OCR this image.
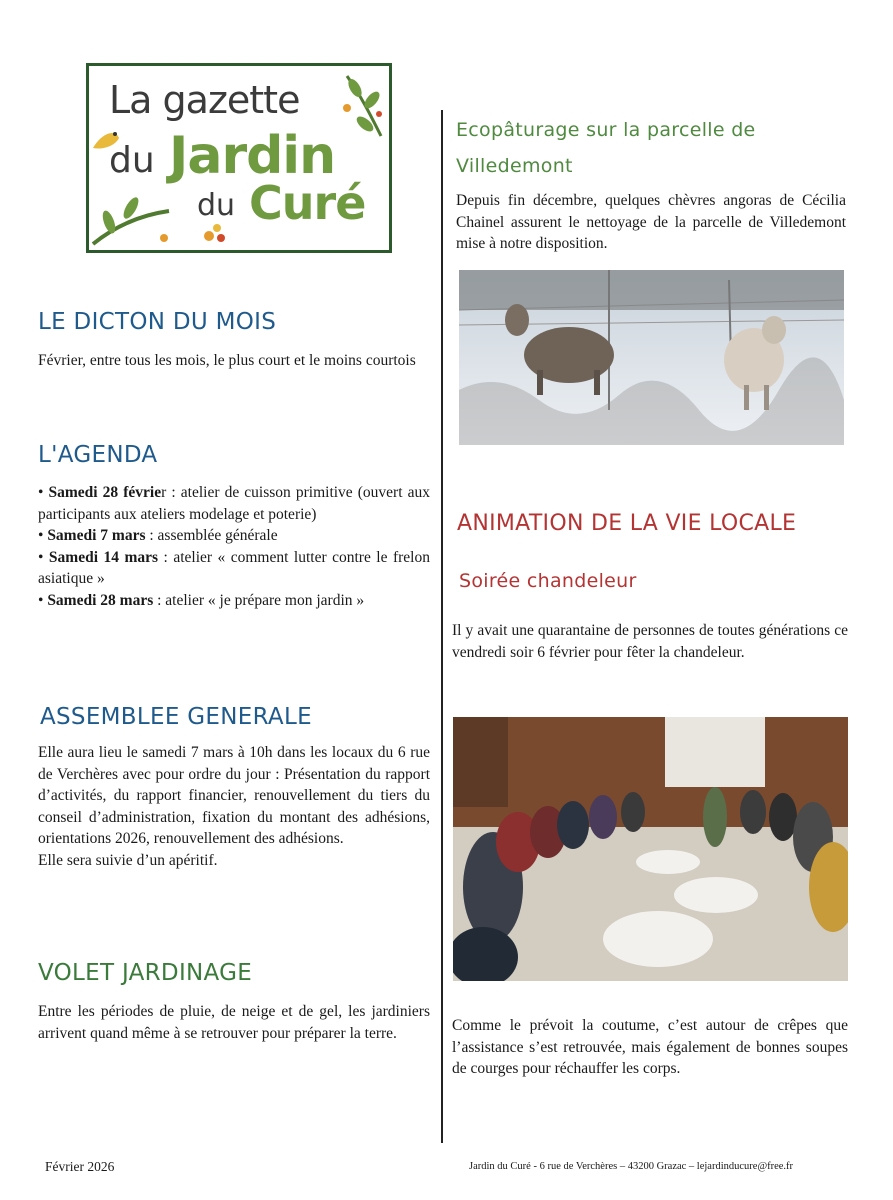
La gazette
du Jardin
du Curé
LE DICTON DU MOIS

Février, entre tous les mois, le plus court et le moins courtois

L'AGENDA

• Samedi 28 février : atelier de cuisson primitive (ouvert aux participants aux ateliers modelage et poterie)

• Samedi 7 mars : assemblée générale

• Samedi 14 mars : atelier « comment lutter contre le frelon asiatique »

• Samedi 28 mars : atelier « je prépare mon jardin »

ASSEMBLEE GENERALE

Elle aura lieu le samedi 7 mars à 10h dans les locaux du 6 rue de Verchères avec pour ordre du jour : Présentation du rapport d’activités, du rapport financier, renouvellement du tiers du conseil d’administration, fixation du montant des adhésions, orientations 2026, renouvellement des adhésions.

Elle sera suivie d’un apéritif.

VOLET JARDINAGE

Entre les périodes de pluie, de neige et de gel, les jardiniers arrivent quand même à se retrouver pour préparer la terre.

Ecopâturage sur la parcelle de Villedemont

Depuis fin décembre, quelques chèvres angoras de Cécilia Chainel assurent le nettoyage de la parcelle de Villedemont mise à notre disposition.

ANIMATION DE LA VIE LOCALE
Soirée chandeleur

Il y avait une quarantaine de personnes de toutes générations ce vendredi soir 6 février pour fêter la chandeleur.

Comme le prévoit la coutume, c’est autour de crêpes que l’assistance s’est retrouvée, mais également de bonnes soupes de courges pour réchauffer les corps.

Février 2026	Jardin du Curé - 6 rue de Verchères – 43200 Grazac – lejardinducure@free.fr
